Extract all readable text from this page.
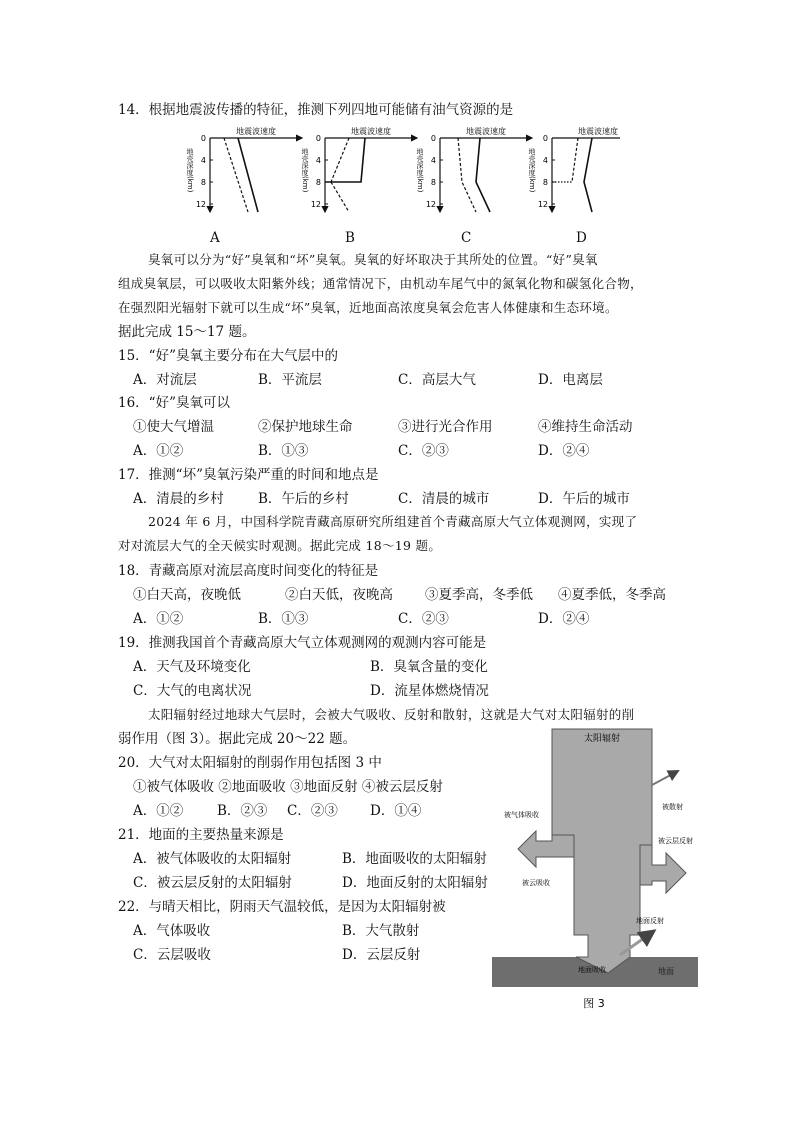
14．根据地震波传播的特征，推测下列四地可能储有油气资源的是
地震波速度
0
4
8
12
地壳深度(km)
地震波速度
0
4
8
12
地壳深度(km)
地震波速度
0
4
8
12
地壳深度(km)
地震波速度
0
4
8
12
地壳深度(km)
A	B	C	D
臭氧可以分为“好”臭氧和“坏”臭氧。臭氧的好坏取决于其所处的位置。“好”臭氧
组成臭氧层，可以吸收太阳紫外线；通常情况下，由机动车尾气中的氮氧化物和碳氢化合物，
在强烈阳光辐射下就可以生成“坏”臭氧，近地面高浓度臭氧会危害人体健康和生态环境。
据此完成 15～17 题。
15．“好”臭氧主要分布在大气层中的
A．对流层	B．平流层	C．高层大气	D．电离层
16．“好”臭氧可以
①使大气增温	②保护地球生命	③进行光合作用	④维持生命活动
A．①②	B．①③	C．②③	D．②④
17．推测“坏”臭氧污染严重的时间和地点是
A．清晨的乡村	B．午后的乡村	C．清晨的城市	D．午后的城市
2024 年 6 月，中国科学院青藏高原研究所组建首个青藏高原大气立体观测网，实现了
对对流层大气的全天候实时观测。据此完成 18～19 题。
18．青藏高原对流层高度时间变化的特征是
①白天高，夜晚低	②白天低，夜晚高 ③夏季高，冬季低 ④夏季低，冬季高
A．①②	B．①③	C．②③	D．②④
19．推测我国首个青藏高原大气立体观测网的观测内容可能是
A．天气及环境变化	B．臭氧含量的变化
C．大气的电离状况	D．流星体燃烧情况
太阳辐射经过地球大气层时，会被大气吸收、反射和散射，这就是大气对太阳辐射的削
弱作用（图 3）。据此完成 20～22 题。
20．大气对太阳辐射的削弱作用包括图 3 中
①被气体吸收 ②地面吸收 ③地面反射 ④被云层反射
A．①②	B．②③ C．②③ D．①④
21．地面的主要热量来源是
A．被气体吸收的太阳辐射	B．地面吸收的太阳辐射
C．被云层反射的太阳辐射	D．地面反射的太阳辐射
22．与晴天相比，阴雨天气温较低，是因为太阳辐射被
A．气体吸收	B．大气散射
C．云层吸收	D．云层反射
太阳辐射
被气体吸收
被散射
被云层反射
被云吸收
地面反射
地面吸收	地面
图 3
